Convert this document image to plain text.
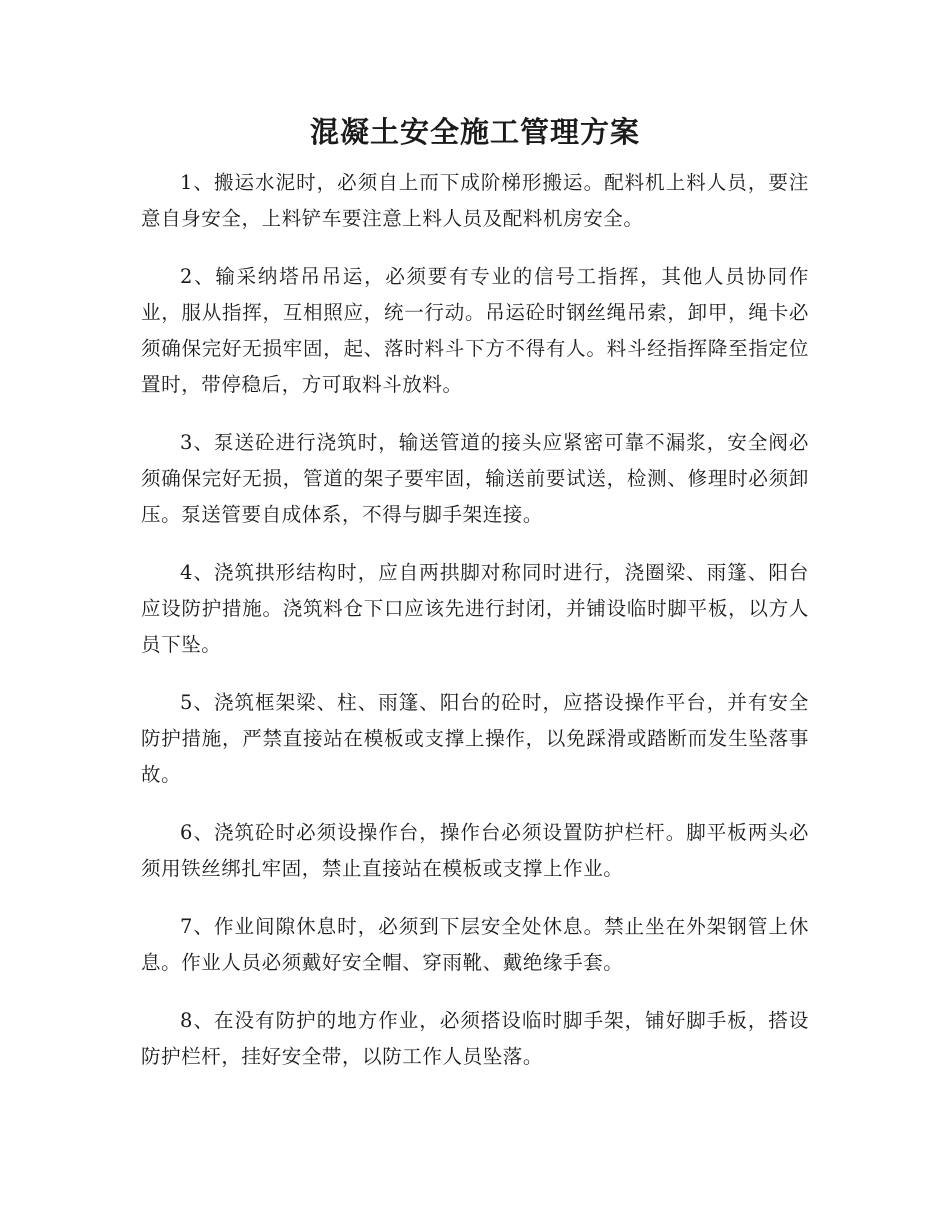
混凝土安全施工管理方案

1、搬运水泥时，必须自上而下成阶梯形搬运。配料机上料人员，要注意自身安全，上料铲车要注意上料人员及配料机房安全。

2、输采纳塔吊吊运，必须要有专业的信号工指挥，其他人员协同作业，服从指挥，互相照应，统一行动。吊运砼时钢丝绳吊索，卸甲，绳卡必须确保完好无损牢固，起、落时料斗下方不得有人。料斗经指挥降至指定位置时，带停稳后，方可取料斗放料。

3、泵送砼进行浇筑时，输送管道的接头应紧密可靠不漏浆，安全阀必须确保完好无损，管道的架子要牢固，输送前要试送，检测、修理时必须卸压。泵送管要自成体系，不得与脚手架连接。

4、浇筑拱形结构时，应自两拱脚对称同时进行，浇圈梁、雨篷、阳台应设防护措施。浇筑料仓下口应该先进行封闭，并铺设临时脚平板，以方人员下坠。

5、浇筑框架梁、柱、雨篷、阳台的砼时，应搭设操作平台，并有安全防护措施，严禁直接站在模板或支撑上操作，以免踩滑或踏断而发生坠落事故。

6、浇筑砼时必须设操作台，操作台必须设置防护栏杆。脚平板两头必须用铁丝绑扎牢固，禁止直接站在模板或支撑上作业。

7、作业间隙休息时，必须到下层安全处休息。禁止坐在外架钢管上休息。作业人员必须戴好安全帽、穿雨靴、戴绝缘手套。

8、在没有防护的地方作业，必须搭设临时脚手架，铺好脚手板，搭设防护栏杆，挂好安全带，以防工作人员坠落。
